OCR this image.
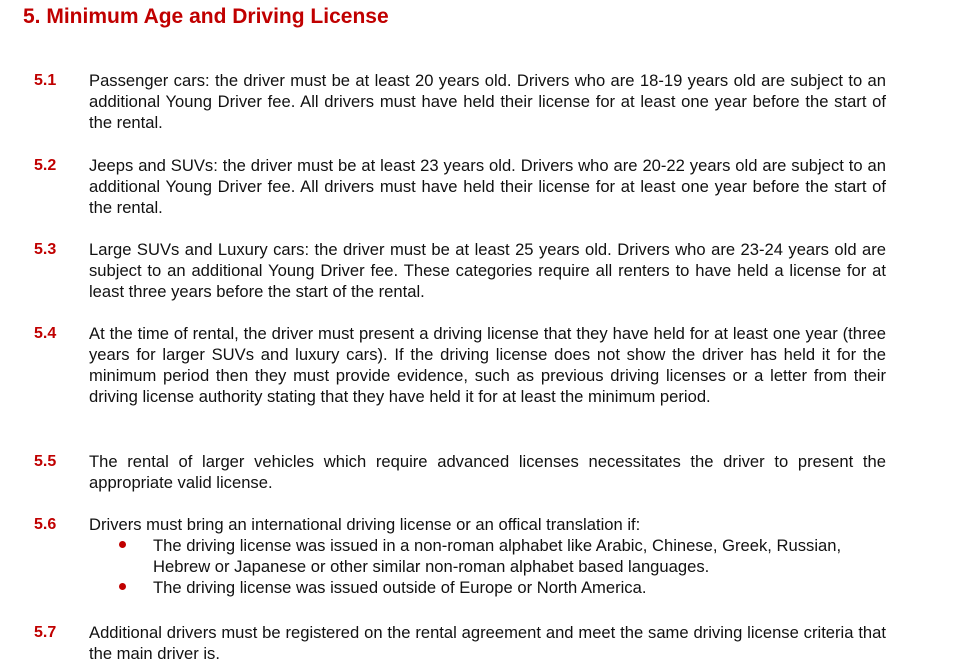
5. Minimum Age and Driving License
5.1 Passenger cars: the driver must be at least 20 years old. Drivers who are 18-19 years old are subject to an additional Young Driver fee. All drivers must have held their license for at least one year before the start of the rental.
5.2 Jeeps and SUVs: the driver must be at least 23 years old. Drivers who are 20-22 years old are subject to an additional Young Driver fee. All drivers must have held their license for at least one year before the start of the rental.
5.3 Large SUVs and Luxury cars: the driver must be at least 25 years old. Drivers who are 23-24 years old are subject to an additional Young Driver fee. These categories require all renters to have held a license for at least three years before the start of the rental.
5.4 At the time of rental, the driver must present a driving license that they have held for at least one year (three years for larger SUVs and luxury cars). If the driving license does not show the driver has held it for the minimum period then they must provide evidence, such as previous driving licenses or a letter from their driving license authority stating that they have held it for at least the minimum period.
5.5 The rental of larger vehicles which require advanced licenses necessitates the driver to present the appropriate valid license.
5.6 Drivers must bring an international driving license or an offical translation if:
The driving license was issued in a non-roman alphabet like Arabic, Chinese, Greek, Russian, Hebrew or Japanese or other similar non-roman alphabet based languages.
The driving license was issued outside of Europe or North America.
5.7 Additional drivers must be registered on the rental agreement and meet the same driving license criteria that the main driver is.
